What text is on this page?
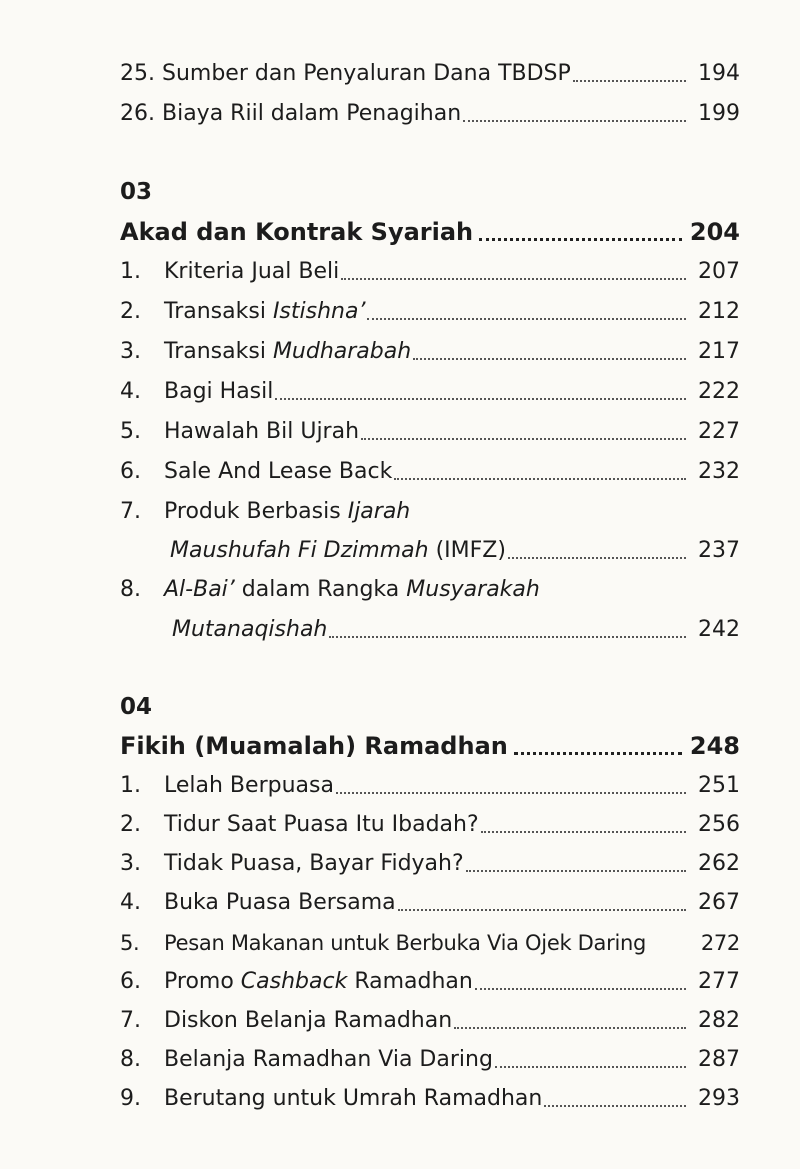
25. Sumber dan Penyaluran Dana TBDSP	194
26. Biaya Riil dalam Penagihan	199
03
Akad dan Kontrak Syariah	204
1.	Kriteria Jual Beli	207
2.	Transaksi Istishna’	212
3.	Transaksi Mudharabah	217
4.	Bagi Hasil	222
5.	Hawalah Bil Ujrah	227
6.	Sale And Lease Back	232
7.	Produk Berbasis Ijarah
Maushufah Fi Dzimmah (IMFZ)	237
8.	Al-Bai’ dalam Rangka Musyarakah
Mutanaqishah	242
04
Fikih (Muamalah) Ramadhan	248
1.	Lelah Berpuasa	251
2.	Tidur Saat Puasa Itu Ibadah?	256
3.	Tidak Puasa, Bayar Fidyah?	262
4.	Buka Puasa Bersama	267
5.	Pesan Makanan untuk Berbuka Via Ojek Daring	272
6.	Promo Cashback Ramadhan	277
7.	Diskon Belanja Ramadhan	282
8.	Belanja Ramadhan Via Daring	287
9.	Berutang untuk Umrah Ramadhan	293
